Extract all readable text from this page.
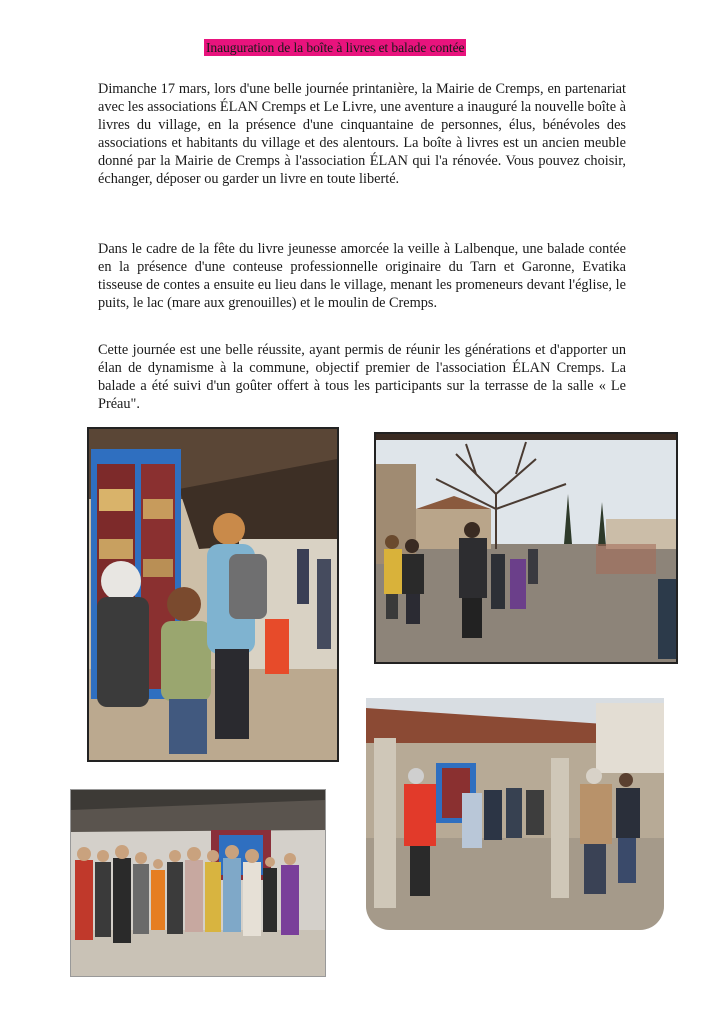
Inauguration de la boîte à livres et balade contée

Dimanche 17 mars, lors d'une belle journée printanière, la Mairie de Cremps, en partenariat avec les associations ÉLAN Cremps et Le Livre, une aventure a inauguré la nouvelle boîte à livres du village, en la présence d'une cinquantaine de personnes, élus, bénévoles des associations et habitants du village et des alentours. La boîte à livres est un ancien meuble donné par la Mairie de Cremps à l'association ÉLAN qui l'a rénovée. Vous pouvez choisir, échanger, déposer ou garder un livre en toute liberté.

Dans le cadre de la fête du livre jeunesse amorcée la veille à Lalbenque, une balade contée en la présence d'une conteuse professionnelle originaire du Tarn et Garonne, Evatika tisseuse de contes a ensuite eu lieu dans le village, menant les promeneurs devant l'église, le puits, le lac (mare aux grenouilles) et le moulin de Cremps.

Cette journée est une belle réussite, ayant permis de réunir les générations et d'apporter un élan de dynamisme à la commune, objectif premier de l'association ÉLAN Cremps. La balade a été suivi d'un goûter offert à tous les participants sur la terrasse de la salle « Le Préau".
